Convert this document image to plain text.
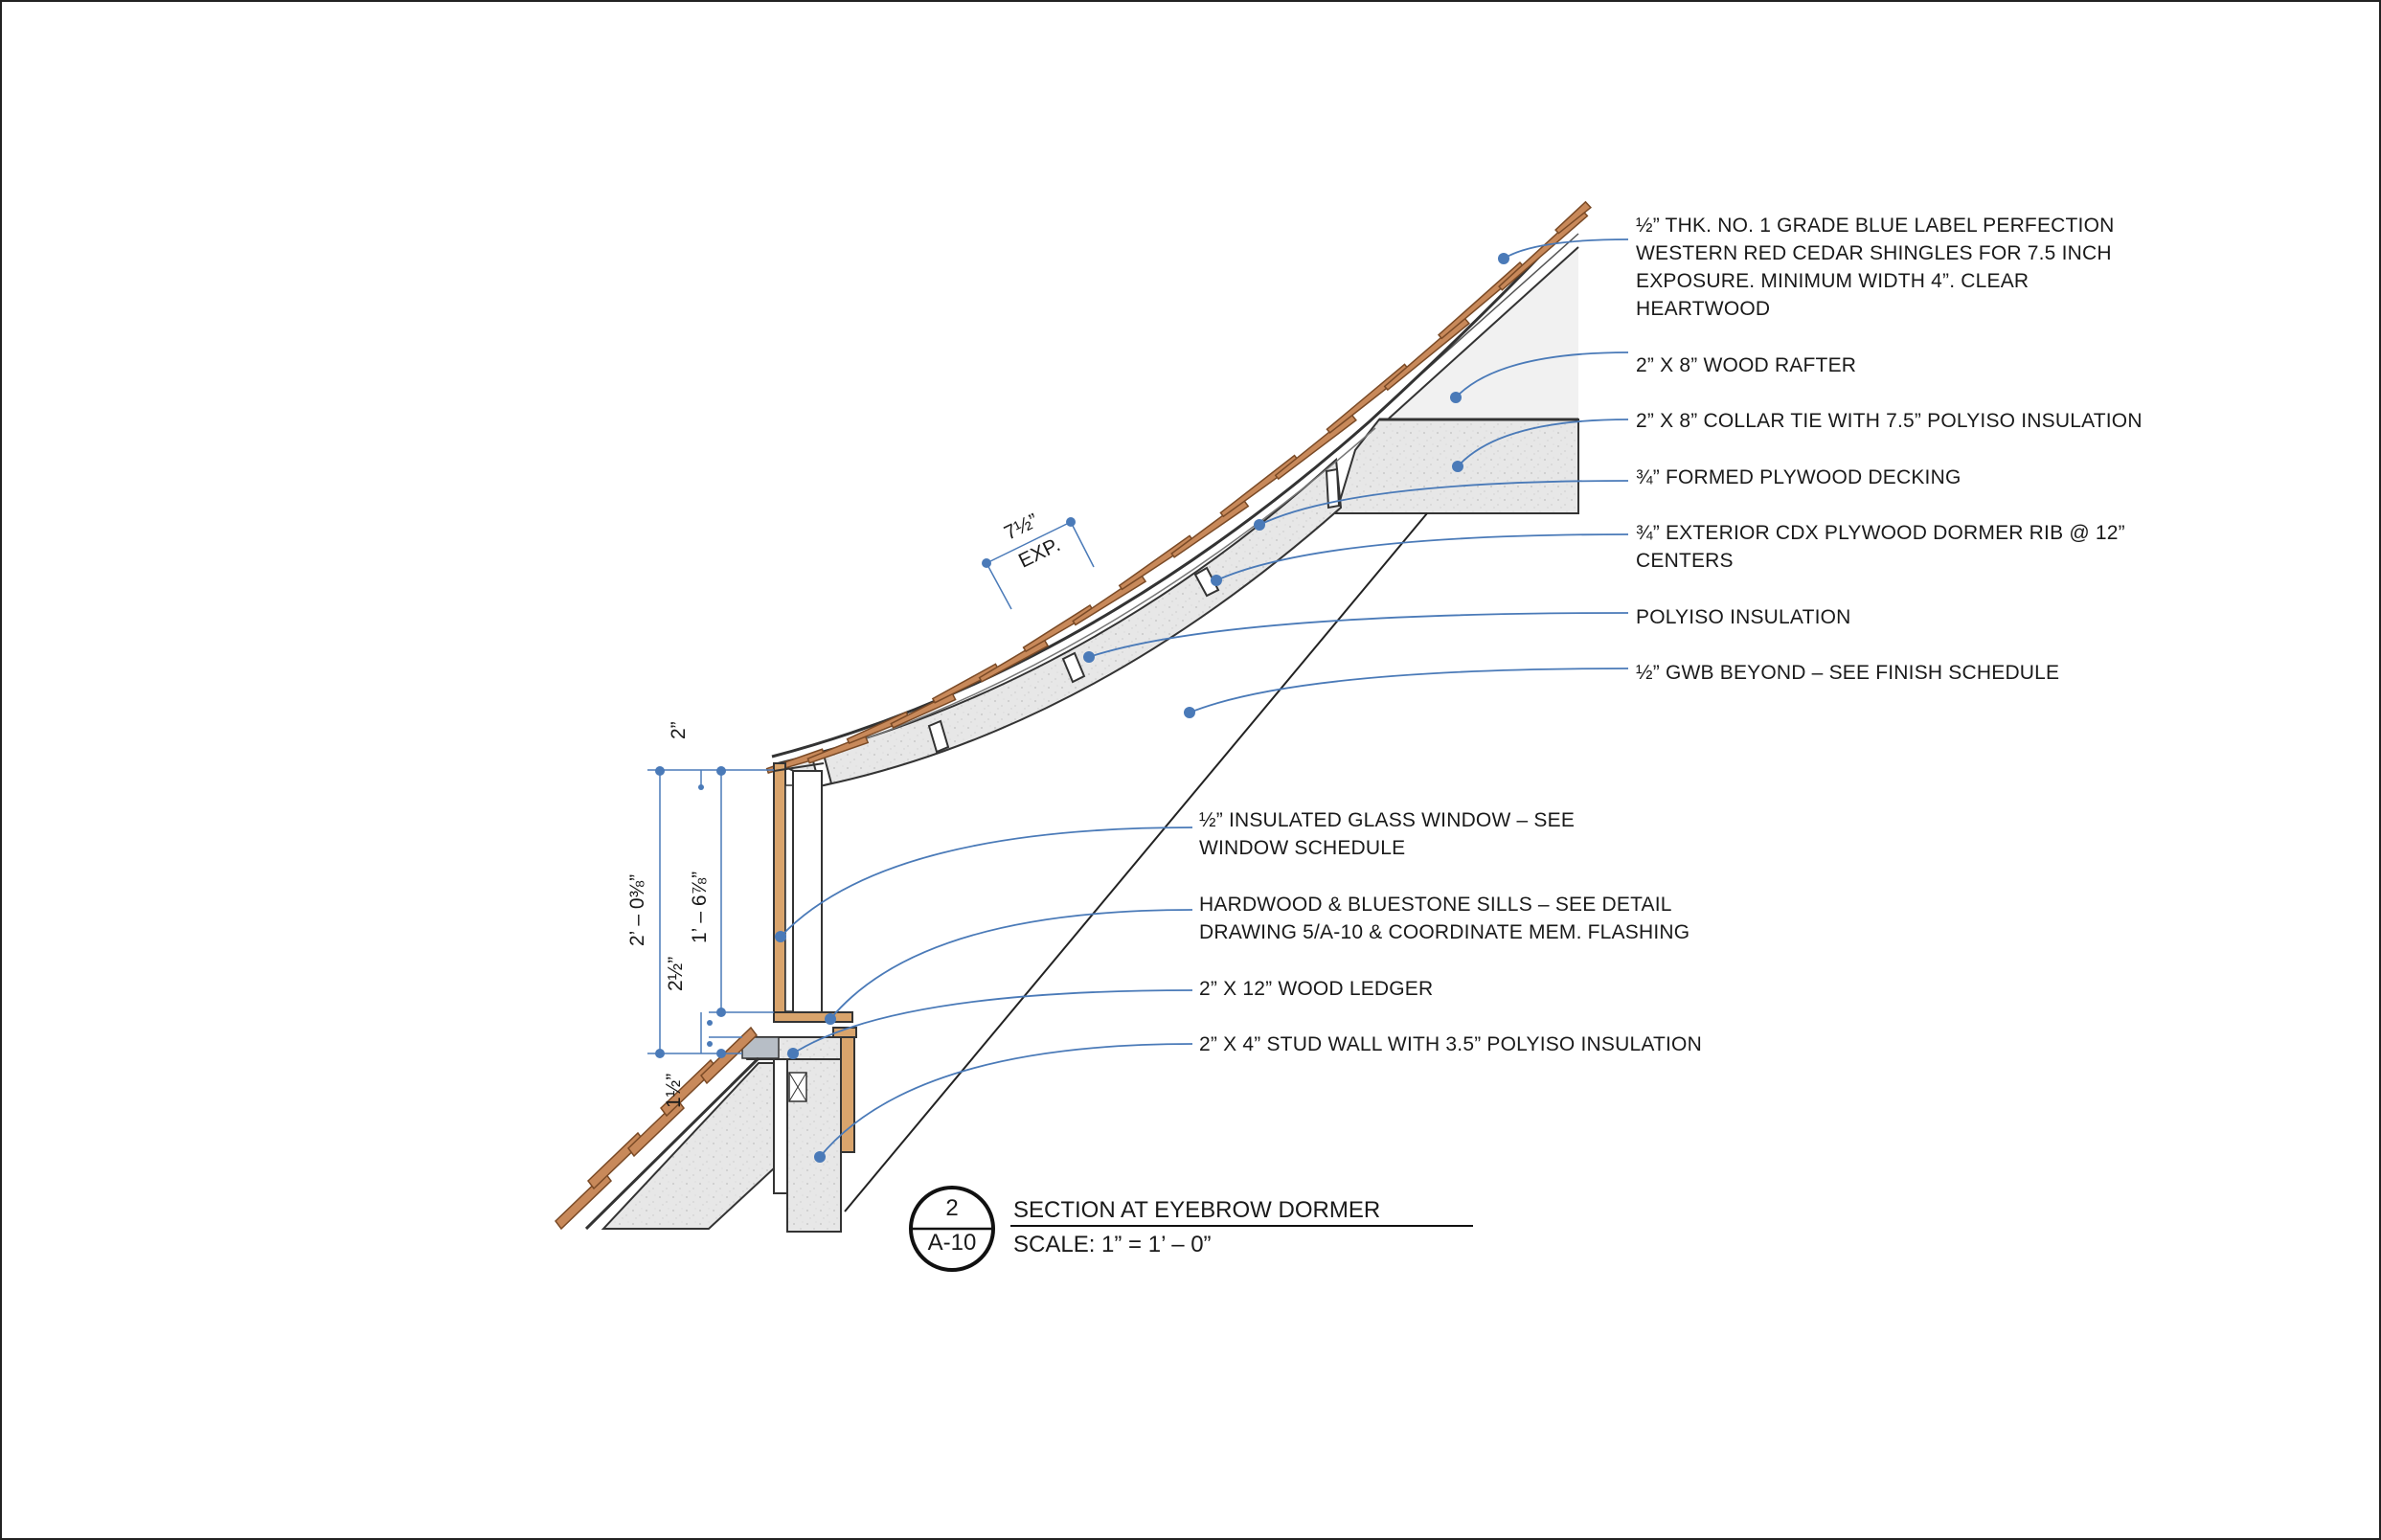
½” THK. NO. 1 GRADE BLUE LABEL PERFECTION
WESTERN RED CEDAR SHINGLES FOR 7.5 INCH
EXPOSURE. MINIMUM WIDTH 4”. CLEAR
HEARTWOOD
2” X 8” WOOD RAFTER
2” X 8” COLLAR TIE WITH 7.5” POLYISO INSULATION
¾” FORMED PLYWOOD DECKING
¾” EXTERIOR CDX PLYWOOD DORMER RIB @ 12”
CENTERS
POLYISO INSULATION
½” GWB BEYOND – SEE FINISH SCHEDULE
½” INSULATED GLASS WINDOW – SEE
WINDOW SCHEDULE
HARDWOOD & BLUESTONE SILLS – SEE DETAIL
DRAWING 5/A-10 & COORDINATE MEM. FLASHING
2” X 12” WOOD LEDGER
2” X 4” STUD WALL WITH 3.5” POLYISO INSULATION
7½”
EXP.
2”
2’ – 0⅜” 1’ – 6⅞”
2½”
1½”
2
A-10
SECTION AT EYEBROW DORMER
SCALE: 1” = 1’ – 0”
